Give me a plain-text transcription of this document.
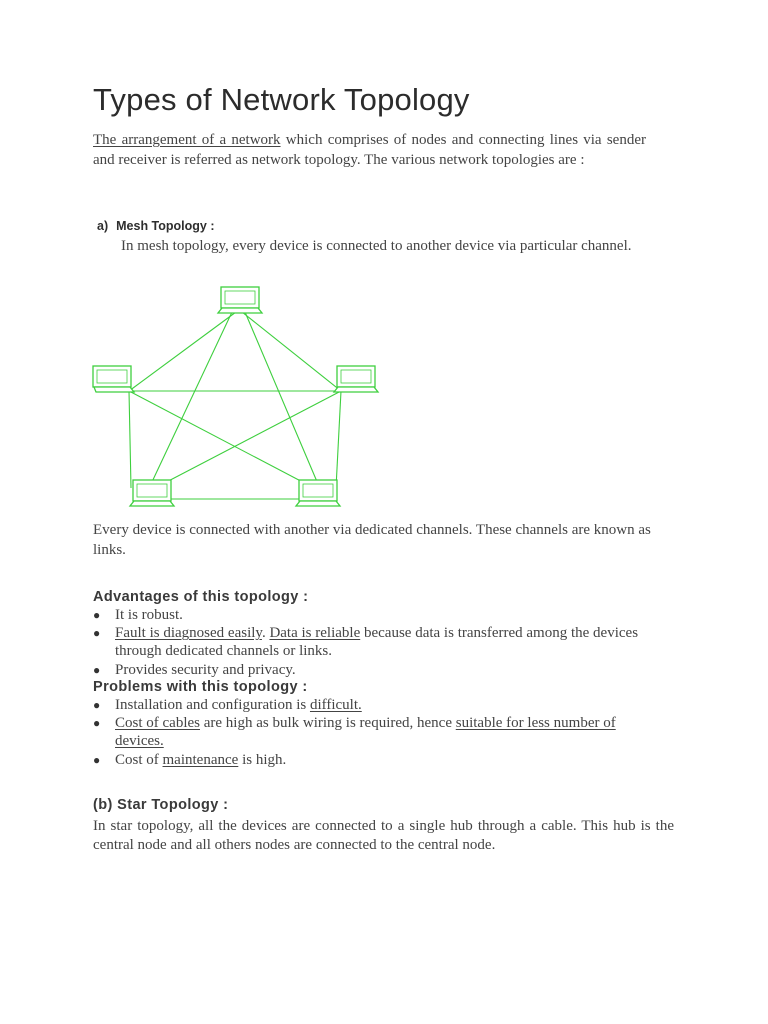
Types of Network Topology

The arrangement of a network which comprises of nodes and connecting lines via sender and receiver is referred as network topology. The various network topologies are :

a) Mesh Topology :

In mesh topology, every device is connected to another device via particular channel.

Every device is connected with another via dedicated channels. These channels are known as links.

Advantages of this topology :
● It is robust.
● Fault is diagnosed easily. Data is reliable because data is transferred among the devices through dedicated channels or links.
● Provides security and privacy.
Problems with this topology :
● Installation and configuration is difficult.
● Cost of cables are high as bulk wiring is required, hence suitable for less number of devices.
● Cost of maintenance is high.
(b) Star Topology :

In star topology, all the devices are connected to a single hub through a cable. This hub is the central node and all others nodes are connected to the central node.
